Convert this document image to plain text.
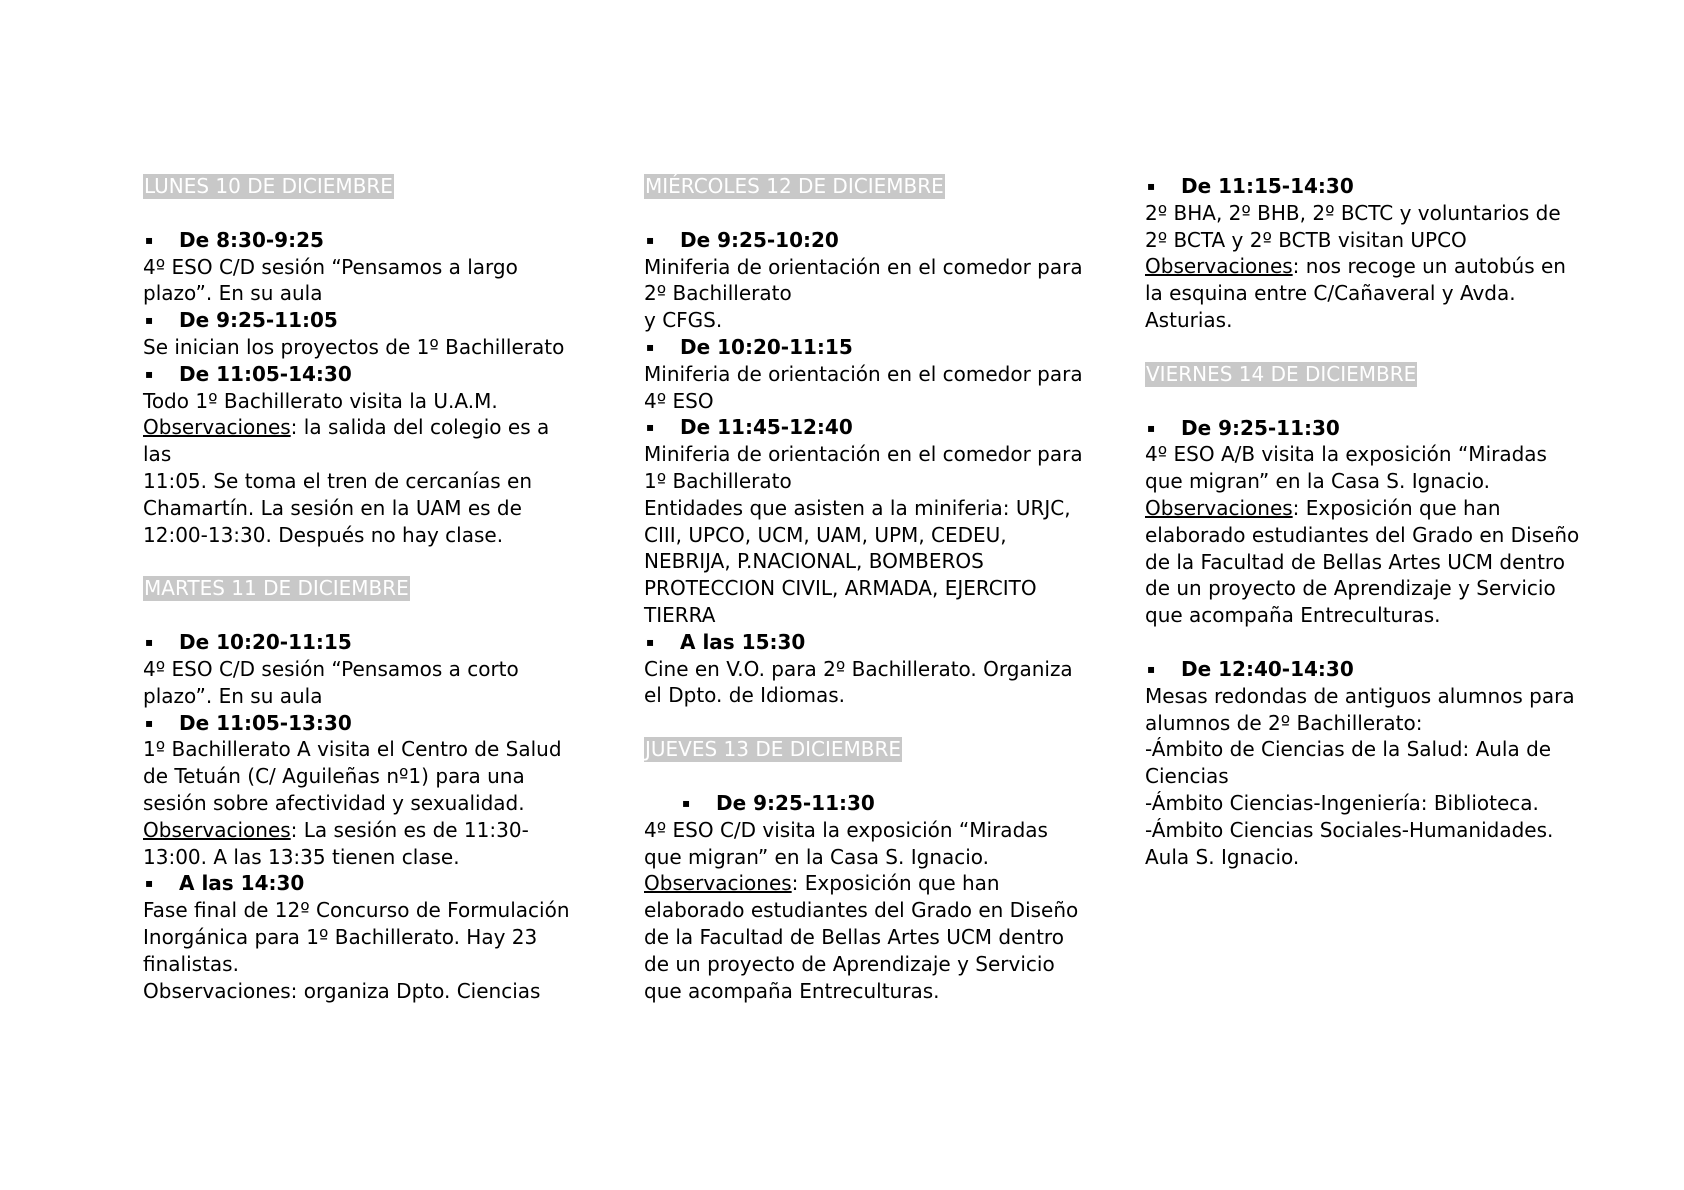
LUNES 10 DE DICIEMBRE
▪ De 8:30-9:25
4º ESO C/D sesión “Pensamos a largo
plazo”. En su aula
▪ De 9:25-11:05
Se inician los proyectos de 1º Bachillerato
▪ De 11:05-14:30
Todo 1º Bachillerato visita la U.A.M.
Observaciones: la salida del colegio es a las
11:05. Se toma el tren de cercanías en
Chamartín. La sesión en la UAM es de
12:00-13:30. Después no hay clase.
MARTES 11 DE DICIEMBRE
▪ De 10:20-11:15
4º ESO C/D sesión “Pensamos a corto
plazo”. En su aula
▪ De 11:05-13:30
1º Bachillerato A visita el Centro de Salud
de Tetuán (C/ Aguileñas nº1) para una
sesión sobre afectividad y sexualidad.
Observaciones: La sesión es de 11:30-
13:00. A las 13:35 tienen clase.
▪ A las 14:30
Fase final de 12º Concurso de Formulación
Inorgánica para 1º Bachillerato. Hay 23
finalistas.
Observaciones: organiza Dpto. Ciencias
MIÉRCOLES 12 DE DICIEMBRE
▪ De 9:25-10:20
Miniferia de orientación en el comedor para
2º Bachillerato
y CFGS.
▪ De 10:20-11:15
Miniferia de orientación en el comedor para
4º ESO
▪ De 11:45-12:40
Miniferia de orientación en el comedor para
1º Bachillerato
Entidades que asisten a la miniferia: URJC,
CIII, UPCO, UCM, UAM, UPM, CEDEU,
NEBRIJA, P.NACIONAL, BOMBEROS
PROTECCION CIVIL, ARMADA, EJERCITO
TIERRA
▪ A las 15:30
Cine en V.O. para 2º Bachillerato. Organiza
el Dpto. de Idiomas.
JUEVES 13 DE DICIEMBRE
▪ De 9:25-11:30
4º ESO C/D visita la exposición “Miradas
que migran” en la Casa S. Ignacio.
Observaciones: Exposición que han
elaborado estudiantes del Grado en Diseño
de la Facultad de Bellas Artes UCM dentro
de un proyecto de Aprendizaje y Servicio
que acompaña Entreculturas.
▪ De 11:15-14:30
2º BHA, 2º BHB, 2º BCTC y voluntarios de
2º BCTA y 2º BCTB visitan UPCO
Observaciones: nos recoge un autobús en
la esquina entre C/Cañaveral y Avda.
Asturias.
VIERNES 14 DE DICIEMBRE
▪ De 9:25-11:30
4º ESO A/B visita la exposición “Miradas
que migran” en la Casa S. Ignacio.
Observaciones: Exposición que han
elaborado estudiantes del Grado en Diseño
de la Facultad de Bellas Artes UCM dentro
de un proyecto de Aprendizaje y Servicio
que acompaña Entreculturas.
▪ De 12:40-14:30
Mesas redondas de antiguos alumnos para
alumnos de 2º Bachillerato:
-Ámbito de Ciencias de la Salud: Aula de
Ciencias
-Ámbito Ciencias-Ingeniería: Biblioteca.
-Ámbito Ciencias Sociales-Humanidades.
Aula S. Ignacio.
